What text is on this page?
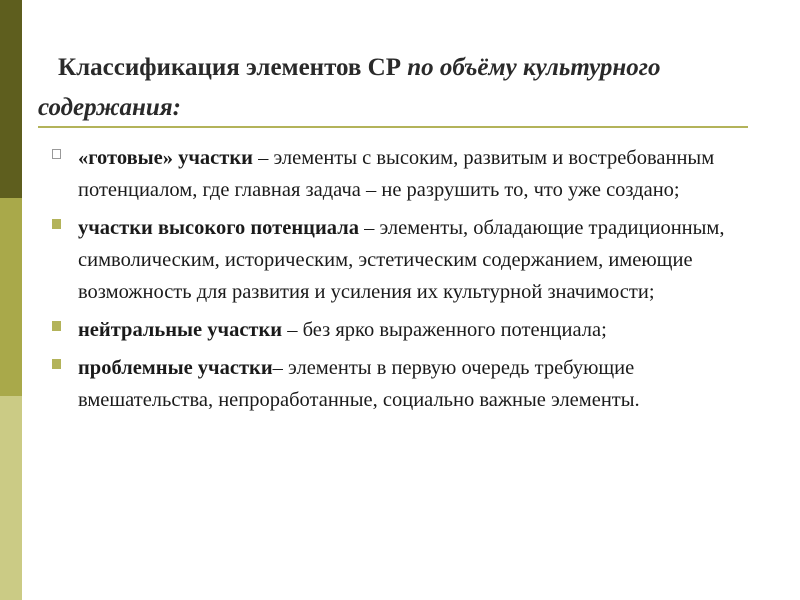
Классификация элементов СР по объёму культурного содержания:
«готовые» участки – элементы с высоким, развитым и востребованным потенциалом, где главная задача – не разрушить то, что уже создано;
участки высокого потенциала – элементы, обладающие традиционным, символическим, историческим, эстетическим содержанием, имеющие возможность для развития и усиления их культурной значимости;
нейтральные участки – без ярко выраженного потенциала;
проблемные участки– элементы в первую очередь требующие вмешательства, непроработанные, социально важные элементы.
